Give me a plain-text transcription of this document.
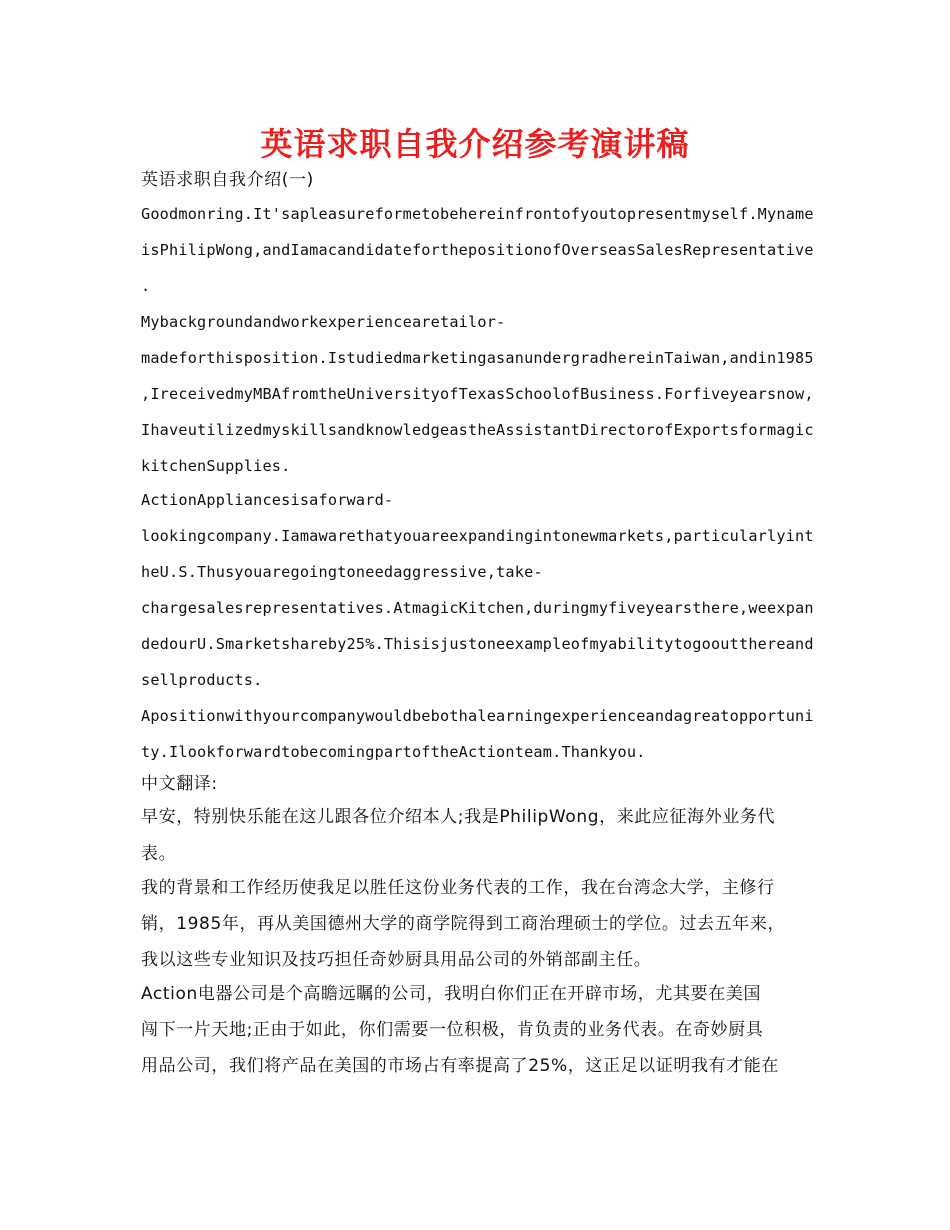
英语求职自我介绍参考演讲稿
英语求职自我介绍(一)
Goodmonring.It'sapleasureformetobehereinfrontofyoutopresentmyself.Myname
isPhilipWong,andIamacandidateforthepositionofOverseasSalesRepresentative
.
Mybackgroundandworkexperiencearetailor-
madeforthisposition.IstudiedmarketingasanundergradhereinTaiwan,andin1985
,IreceivedmyMBAfromtheUniversityofTexasSchoolofBusiness.Forfiveyearsnow,
IhaveutilizedmyskillsandknowledgeastheAssistantDirectorofExportsformagic
kitchenSupplies.
ActionAppliancesisaforward-
lookingcompany.Iamawarethatyouareexpandingintonewmarkets,particularlyint
heU.S.Thusyouaregoingtoneedaggressive,take-
chargesalesrepresentatives.AtmagicKitchen,duringmyfiveyearsthere,weexpan
dedourU.Smarketshareby25%.Thisisjustoneexampleofmyabilitytogooutthereand
sellproducts.
Apositionwithyourcompanywouldbebothalearningexperienceandagreatopportuni
ty.IlookforwardtobecomingpartoftheActionteam.Thankyou.
中文翻译:
早安，特别快乐能在这儿跟各位介绍本人;我是PhilipWong，来此应征海外业务代
表。
我的背景和工作经历使我足以胜任这份业务代表的工作，我在台湾念大学，主修行
销，1985年，再从美国德州大学的商学院得到工商治理硕士的学位。过去五年来，
我以这些专业知识及技巧担任奇妙厨具用品公司的外销部副主任。
Action电器公司是个高瞻远瞩的公司，我明白你们正在开辟市场，尤其要在美国
闯下一片天地;正由于如此，你们需要一位积极，肯负责的业务代表。在奇妙厨具
用品公司，我们将产品在美国的市场占有率提高了25%，这正足以证明我有才能在
